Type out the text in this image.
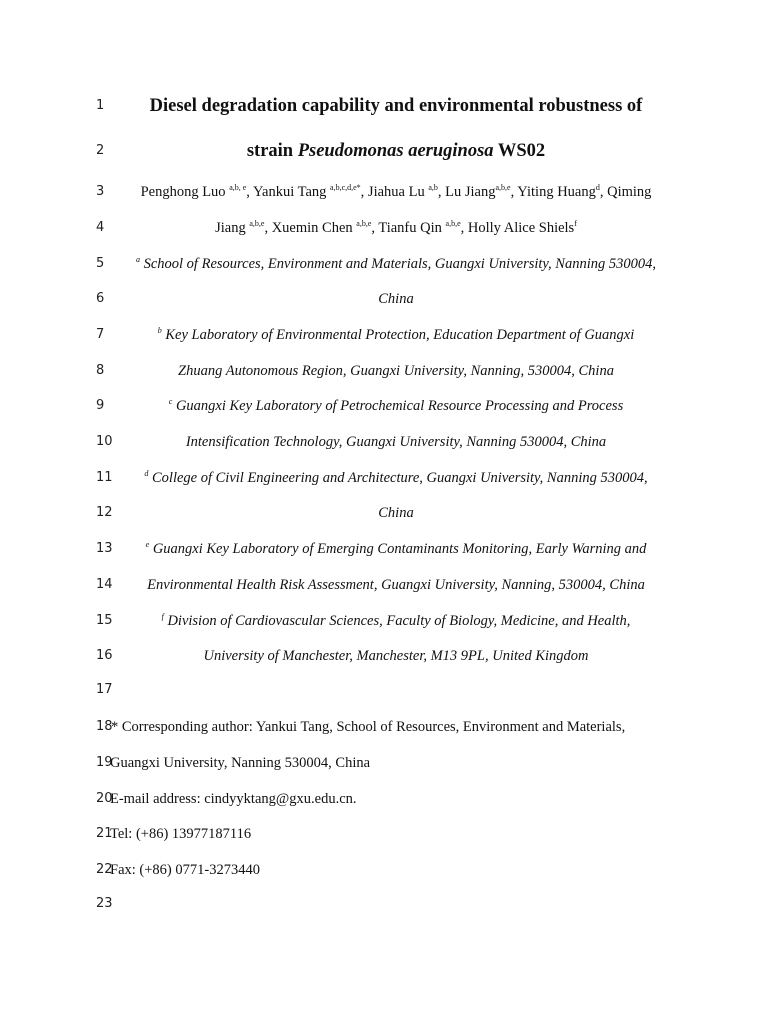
1
2
3
4
5
6
7
8
9
10
11
12
13
14
15
16
17
18
19
20
21
22
23
Diesel degradation capability and environmental robustness of
strain Pseudomonas aeruginosa WS02
Penghong Luo $^{a,b, e}$, Yankui Tang $^{a,b,c,d,e*}$, Jiahua Lu $^{a,b}$, Lu Jiang$^{a,b,e}$, Yiting Huang$^d$, Qiming
Jiang $^{a,b,e}$, Xuemin Chen $^{a,b,e}$, Tianfu Qin $^{a,b,e}$, Holly Alice Shiels$^f$
$^a$ School of Resources, Environment and Materials, Guangxi University, Nanning 530004,
China
$^b$ Key Laboratory of Environmental Protection, Education Department of Guangxi
Zhuang Autonomous Region, Guangxi University, Nanning, 530004, China
$^c$ Guangxi Key Laboratory of Petrochemical Resource Processing and Process
Intensification Technology, Guangxi University, Nanning 530004, China
$^d$ College of Civil Engineering and Architecture, Guangxi University, Nanning 530004,
China
$^e$ Guangxi Key Laboratory of Emerging Contaminants Monitoring, Early Warning and
Environmental Health Risk Assessment, Guangxi University, Nanning, 530004, China
$^f$ Division of Cardiovascular Sciences, Faculty of Biology, Medicine, and Health,
University of Manchester, Manchester, M13 9PL, United Kingdom
* Corresponding author: Yankui Tang, School of Resources, Environment and Materials,
Guangxi University, Nanning 530004, China
E-mail address: cindyyktang@gxu.edu.cn.
Tel: (+86) 13977187116
Fax: (+86) 0771-3273440
